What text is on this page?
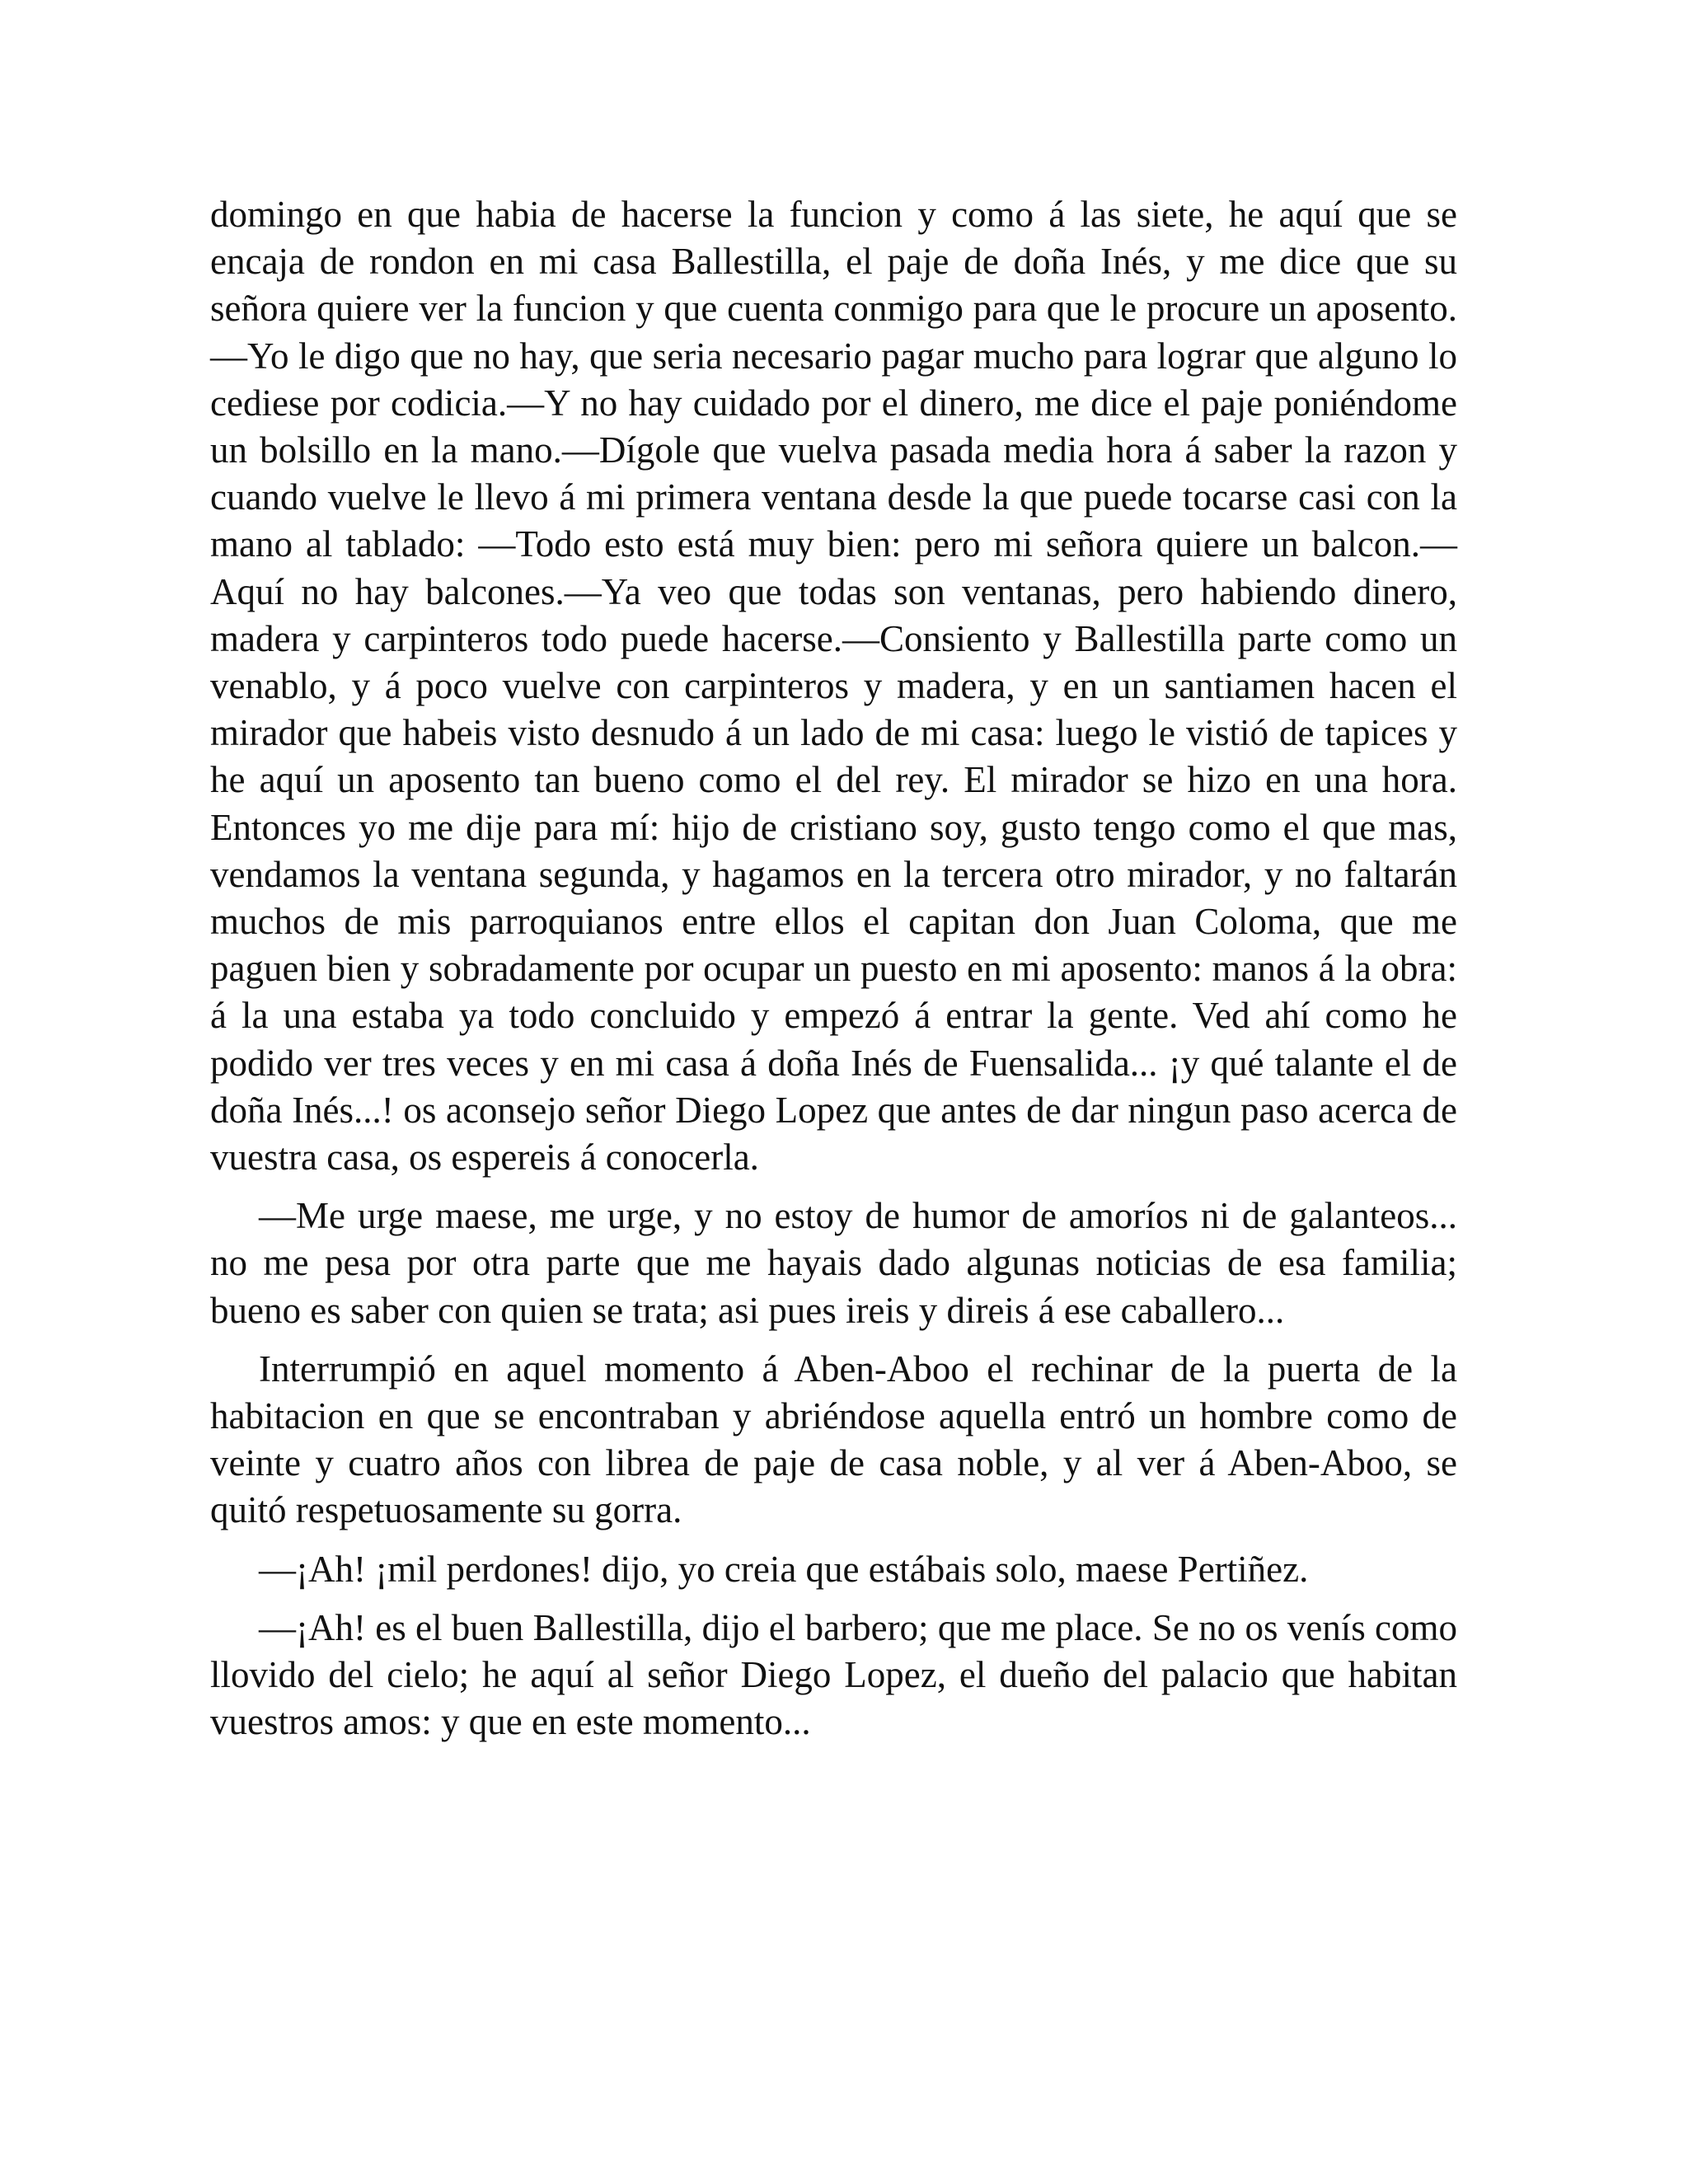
domingo en que habia de hacerse la funcion y como á las siete, he aquí que se encaja de rondon en mi casa Ballestilla, el paje de doña Inés, y me dice que su señora quiere ver la funcion y que cuenta conmigo para que le procure un aposento.—Yo le digo que no hay, que seria necesario pagar mucho para lograr que alguno lo cediese por codicia.—Y no hay cuidado por el dinero, me dice el paje poniéndome un bolsillo en la mano.—Dígole que vuelva pasada media hora á saber la razon y cuando vuelve le llevo á mi primera ventana desde la que puede tocarse casi con la mano al tablado: —Todo esto está muy bien: pero mi señora quiere un balcon.—Aquí no hay balcones.—Ya veo que todas son ventanas, pero habiendo dinero, madera y carpinteros todo puede hacerse.—Consiento y Ballestilla parte como un venablo, y á poco vuelve con carpinteros y madera, y en un santiamen hacen el mirador que habeis visto desnudo á un lado de mi casa: luego le vistió de tapices y he aquí un aposento tan bueno como el del rey. El mirador se hizo en una hora. Entonces yo me dije para mí: hijo de cristiano soy, gusto tengo como el que mas, vendamos la ventana segunda, y hagamos en la tercera otro mirador, y no faltarán muchos de mis parroquianos entre ellos el capitan don Juan Coloma, que me paguen bien y sobradamente por ocupar un puesto en mi aposento: manos á la obra: á la una estaba ya todo concluido y empezó á entrar la gente. Ved ahí como he podido ver tres veces y en mi casa á doña Inés de Fuensalida... ¡y qué talante el de doña Inés...! os aconsejo señor Diego Lopez que antes de dar ningun paso acerca de vuestra casa, os espereis á conocerla.

—Me urge maese, me urge, y no estoy de humor de amoríos ni de galanteos... no me pesa por otra parte que me hayais dado algunas noticias de esa familia; bueno es saber con quien se trata; asi pues ireis y direis á ese caballero...

Interrumpió en aquel momento á Aben-Aboo el rechinar de la puerta de la habitacion en que se encontraban y abriéndose aquella entró un hombre como de veinte y cuatro años con librea de paje de casa noble, y al ver á Aben-Aboo, se quitó respetuosamente su gorra.

—¡Ah! ¡mil perdones! dijo, yo creia que estábais solo, maese Pertiñez.

—¡Ah! es el buen Ballestilla, dijo el barbero; que me place. Se no os venís como llovido del cielo; he aquí al señor Diego Lopez, el dueño del palacio que habitan vuestros amos: y que en este momento...
